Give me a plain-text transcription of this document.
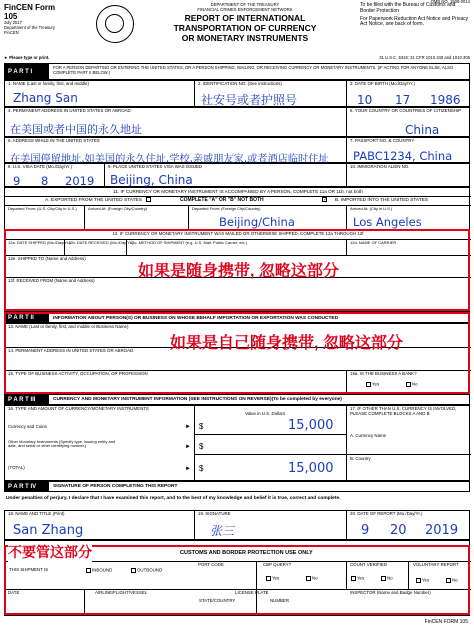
FinCEN Form 105
July 2017
Department of the Treasury FinCEN
DEPARTMENT OF THE TREASURY
FINANCIAL CRIMES ENFORCEMENT NETWORK
REPORT OF INTERNATIONAL
TRANSPORTATION OF CURRENCY
OR MONETARY INSTRUMENTS
To be filed with the Bureau of Customs and Border Protection
For Paperwork Reduction Act Notice and Privacy Act Notice, see back of form.
OMB NO. 1506-0014
► Please type or print.	31 U.S.C. 5316; 31 CFR 1010.340 and 1010.306
P A R T I
FOR A PERSON DEPARTING OR ENTERING THE UNITED STATES, OR A PERSON SHIPPING, MAILING, OR RECEIVING CURRENCY OR MONETARY INSTRUMENTS. (IF ACTING FOR ANYONE ELSE, ALSO COMPLETE PART II BELOW.)
1. NAME (Last or family, first, and middle)
Zhang San
2. IDENTIFICATION NO. (See instructions)
社安号或者护照号
3. DATE OF BIRTH (Mo./Day/Yr.)
10 17 1986
4. PERMANENT ADDRESS IN UNITED STATES OR ABROAD
在美国或者中国的永久地址
5. YOUR COUNTRY OR COUNTRIES OF CITIZENSHIP
China
6. ADDRESS WHILE IN THE UNITED STATES
在美国停留地址,如美国的永久住址,学校,亲戚朋友家,或者酒店临时住址
7. PASSPORT NO. & COUNTRY
PABC1234, China
8. U.S. VISA DATE (Mo./Day/Yr.)
9 8 2019
9. PLACE UNITED STATES VISA WAS ISSUED
Beijing, China
10. IMMIGRATION ALIEN NO.
11. IF CURRENCY OR MONETARY INSTRUMENT IS ACCOMPANIED BY A PERSON, COMPLETE 11a OR 11b. not both
A. EXPORTED FROM THE UNITED STATES	COMPLETE "A" OR "B" NOT BOTH	B. IMPORTED INTO THE UNITED STATES
✓
Departed From: (U.S. City/City in U.S.)	Arrived At: (Foreign City/Country)	Departed From: (Foreign City/Country)
Beijing/China
Arrived At: (City in U.S.)
Los Angeles
12. IF CURRENCY OR MONETARY INSTRUMENT WAS MAILED OR OTHERWISE SHIPPED, COMPLETE 12a THROUGH 12f
12a. DATE SHIPPED (Mo./Day/Yr.)
12b. DATE RECEIVED (Mo./Day/Yr.)
12c. METHOD OF SHIPMENT (e.g. U.S. Mail, Public Carrier, etc.)	12d. NAME OF CARRIER
12e. SHIPPED TO (Name and Address)
12f. RECEIVED FROM (Name and Address)
如果是随身携带, 忽略这部分
P A R T II	INFORMATION ABOUT PERSON(S) OR BUSINESS ON WHOSE BEHALF IMPORTATION OR EXPORTATION WAS CONDUCTED
13. NAME (Last or family, first, and middle or Business Name)
14. PERMANENT ADDRESS IN UNITED STATES OR ABROAD
15. TYPE OF BUSINESS ACTIVITY, OCCUPATION, OR PROFESSION	15a. IS THE BUSINESS A BANK?
Yes	No
如果是自己随身携带, 忽略这部分
P A R T III	CURRENCY AND MONETARY INSTRUMENT INFORMATION (SEE INSTRUCTIONS ON REVERSE)(To be completed by everyone)
16. TYPE AND AMOUNT OF CURRENCY/MONETARY INSTRUMENTS
Value in U.S. Dollars
17. IF OTHER THAN U.S. CURRENCY IS INVOLVED, PLEASE COMPLETE BLOCKS A AND B.
Currency and Coins	► $	15,000
Other Monetary Instruments (Specify type, issuing entity and date, and serial or other identifying number.)	► $
(TOTAL)	► $	15,000
A. Currency Name
B. Country
P A R T IV	SIGNATURE OF PERSON COMPLETING THIS REPORT
Under penalties of perjury, I declare that I have examined this report, and to the best of my knowledge and belief it is true, correct and complete.
18. NAME AND TITLE (Print)
San Zhang
19. SIGNATURE
张三
20. DATE OF REPORT (Mo./Day/Yr.)
9 20 2019
CUSTOMS AND BORDER PROTECTION USE ONLY
THIS SHIPMENT IS	INBOUND	OUTBOUND
PORT CODE	CBP QUERY?
Yes	No
COUNT VERIFIED
Yes	No
VOLUNTARY REPORT
Yes	No
DATE	AIRLINE/FLIGHT/VESSEL	LICENSE PLATE
STATE/COUNTRY	NUMBER
INSPECTOR (Name and Badge Number)
不要管这部分
FinCEN FORM 105
